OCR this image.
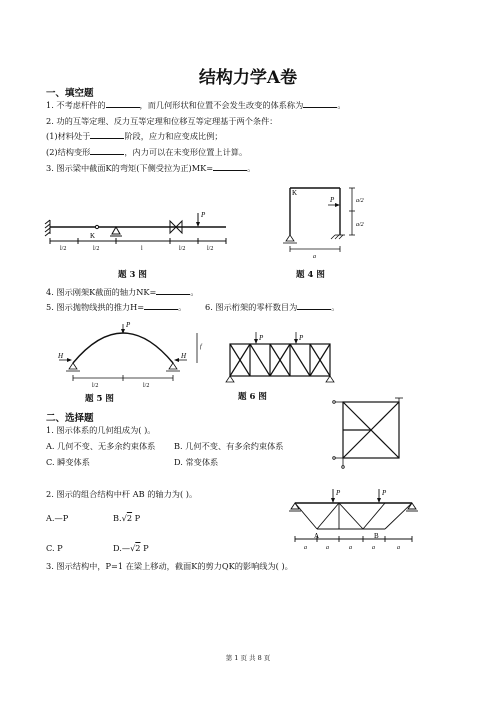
结构力学A卷
一、填空题
1. 不考虑杆件的	，而几何形状和位置不会发生改变的体系称为	。
2. 功的互等定理、反力互等定理和位移互等定理基于两个条件：
(1)材料处于	阶段，应力和应变成比例；
(2)结构变形	，内力可以在未变形位置上计算。
3. 图示梁中截面K的弯矩(下侧受拉为正)MK=	。
K
P
l/2	l/2	l	l/2	l/2
题 3 图
K
P	a/2
a/2
a
题 4 图
4. 图示刚架K截面的轴力NK=	。
5. 图示抛物线拱的推力H=	。 6. 图示桁架的零杆数目为	。
P
H	H
f
l/2	l/2
题 5 图
P	P
题 6 图
二、选择题
1. 图示体系的几何组成为( )。
A. 几何不变、无多余约束体系 B. 几何不变、有多余约束体系
C. 瞬变体系	D. 常变体系
2. 图示的组合结构中杆 AB 的轴力为( )。
A.—P	B.√2 P
C. P	D.—√2 P
P	P
A	B
a	a	a	a	a
3. 图示结构中，P=1 在梁上移动，截面K的剪力QK的影响线为( )。
第 1 页 共 8 页
